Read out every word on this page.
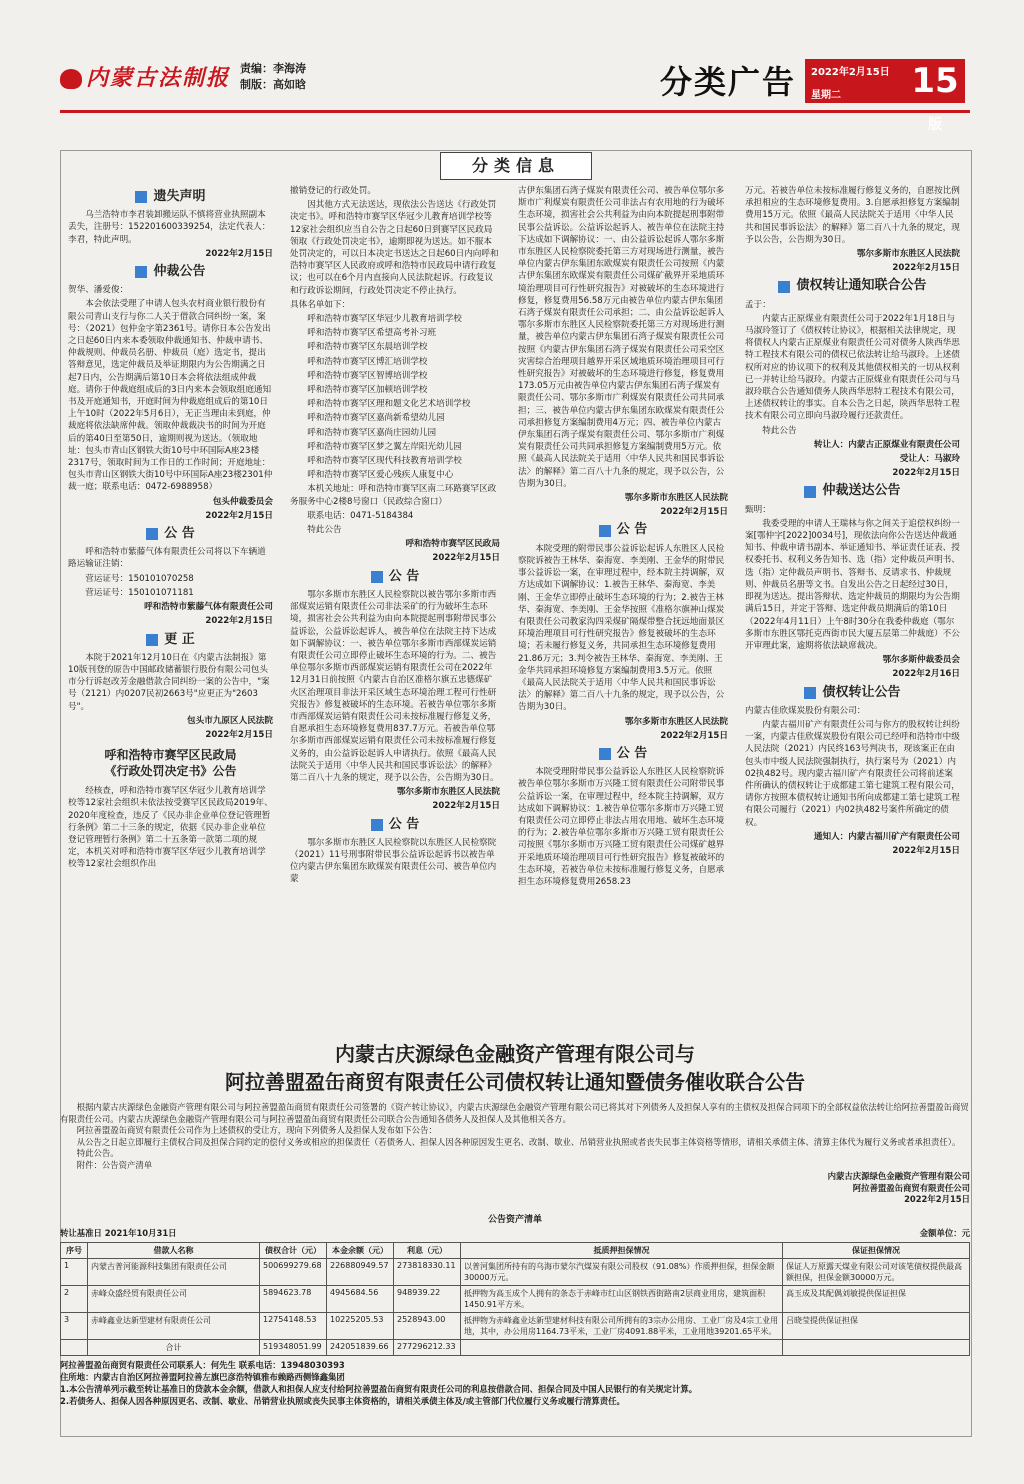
内蒙古法制报 责编：李海涛
制版：高如晗	分类广告	2022年2月15日
星期二	$15^版$
分类信息
遗失声明

乌兰浩特市李君装卸搬运队不慎将营业执照副本丢失，注册号：152201600339254，法定代表人：李君，特此声明。

2022年2月15日

仲裁公告

贺华、潘爱俊：

本会依法受理了申请人包头农村商业银行股份有限公司青山支行与你二人关于借款合同纠纷一案，案号：（2021）包仲金字第2361号。请你日本公告发出之日起60日内来本委领取仲裁通知书、仲裁申请书、仲裁规则、仲裁员名册、仲裁员（庭）选定书，提出答辩意见，选定仲裁员及举证期限内为公告期满之日起7日内，公告期满后第10日本会将依法组成仲裁庭。请你于仲裁庭组成后的3日内来本会领取组庭通知书及开庭通知书，开庭时间为仲裁庭组成后的第10日上午10时（2022年5月6日），无正当理由未到庭，仲裁庭将依法缺席仲裁。领取仲裁裁决书的时间为开庭后的第40日至第50日，逾期则视为送达。（领取地址：包头市青山区钢铁大街10号中环国际A座23楼2317号，领取时间为工作日的工作时间；开庭地址：包头市青山区钢铁大街10号中环国际A座23楼2301仲裁一庭；联系电话：0472-6988958）

包头仲裁委员会

2022年2月15日

公 告

呼和浩特市紫藤气体有限责任公司将以下车辆道路运输证注销：

营运证号：150101070258

营运证号：150101071181

呼和浩特市紫藤气体有限责任公司

2022年2月15日

更 正

本院于2021年12月10日在《内蒙古法制报》第10版刊登的原告中国邮政储蓄银行股份有限公司包头市分行诉赵改芳金融借款合同纠纷一案的公告中，"案号（2121）内0207民初2663号"应更正为"2603号"。

包头市九原区人民法院

2022年2月15日

呼和浩特市赛罕区民政局
《行政处罚决定书》公告

经核查，呼和浩特市赛罕区华冠少儿教育培训学校等12家社会组织未依法按受赛罕区民政局2019年、2020年度检查，违反了《民办非企业单位登记管理暂行条例》第二十三条的规定，依据《民办非企业单位登记管理暂行条例》第二十五条第一款第二项的规定，本机关对呼和浩特市赛罕区华冠少儿教育培训学校等12家社会组织作出

撤销登记的行政处罚。

因其他方式无法送达，现依法公告送达《行政处罚决定书》。呼和浩特市赛罕区华冠少儿教育培训学校等12家社会组织应当自公告之日起60日到赛罕区民政局领取《行政处罚决定书》，逾期即视为送达。如不服本处罚决定的，可以日本决定书送达之日起60日内向呼和浩特市赛罕区人民政府或呼和浩特市民政局申请行政复议；也可以在6个月内直接向人民法院起诉。行政复议和行政诉讼期间，行政处罚决定不停止执行。

具体名单如下：

呼和浩特市赛罕区华冠少儿教育培训学校

呼和浩特市赛罕区希望高考补习班

呼和浩特市赛罕区东晨培训学校

呼和浩特市赛罕区博汇培训学校

呼和浩特市赛罕区智博培训学校

呼和浩特市赛罕区加顿培训学校

呼和浩特市赛罕区理和题文化艺术培训学校

呼和浩特市赛罕区嘉尚新希望幼儿园

呼和浩特市赛罕区嘉尚庄园幼儿园

呼和浩特市赛罕区梦之翼左岸阳光幼儿园

呼和浩特市赛罕区现代科技教育培训学校

呼和浩特市赛罕区爱心残疾人康复中心

本机关地址：呼和浩特市赛罕区南二环路赛罕区政务服务中心2楼8号窗口（民政综合窗口）

联系电话：0471-5184384

特此公告

呼和浩特市赛罕区民政局

2022年2月15日

公 告

鄂尔多斯市东胜区人民检察院以被告鄂尔多斯市西部煤炭运销有限责任公司非法采矿的行为破坏生态环境，损害社会公共利益为由向本院提起刑事附带民事公益诉讼，公益诉讼起诉人，被告单位在法院主持下达成如下调解协议：一、被告单位鄂尔多斯市西部煤炭运销有限责任公司立即停止破坏生态环境的行为。二、被告单位鄂尔多斯市西部煤炭运销有限责任公司在2022年12月31日前按照《内蒙古自治区准格尔旗五忠德煤矿火区治理项目非法开采区域生态环境治理工程可行性研究报告》修复被破坏的生态环境。若被告单位鄂尔多斯市西部煤炭运销有限责任公司未按标准履行修复义务，自愿承担生态环境修复费用837.7万元。若被告单位鄂尔多斯市西部煤炭运销有限责任公司未按标准履行修复义务的，由公益诉讼起诉人申请执行。依照《最高人民法院关于适用〈中华人民共和国民事诉讼法〉的解释》第二百八十九条的规定，现予以公告，公告期为30日。

鄂尔多斯市东胜区人民法院

2022年2月15日

公 告

鄂尔多斯市东胜区人民检察院以东胜区人民检察院（2021）11号刑事附带民事公益诉讼起诉书以被告单位内蒙古伊东集团东欧煤炭有限责任公司、被告单位内蒙

古伊东集团石湾子煤炭有限责任公司、被告单位鄂尔多斯市广利煤炭有限责任公司非法占有农用地的行为破坏生态环境，损害社会公共利益为由向本院提起刑事附带民事公益诉讼。公益诉讼起诉人、被告单位在法院主持下达成如下调解协议：一、由公益诉讼起诉人鄂尔多斯市东胜区人民检察院委托第三方对现场进行测量，被告单位内蒙古伊东集团东欧煤炭有限责任公司按照《内蒙古伊东集团东欧煤炭有限责任公司煤矿截界开采地质环境治理项目可行性研究报告》对被破坏的生态环境进行修复，修复费用56.58万元由被告单位内蒙古伊东集团石湾子煤炭有限责任公司承担；二、由公益诉讼起诉人鄂尔多斯市东胜区人民检察院委托第三方对现场进行测量，被告单位内蒙古伊东集团石湾子煤炭有限责任公司按照《内蒙古伊东集团石湾子煤炭有限责任公司采空区灾害综合治理项目越界开采区域地质环境治理项目可行性研究报告》对被破坏的生态环境进行修复，修复费用173.05万元由被告单位内蒙古伊东集团石湾子煤炭有限责任公司、鄂尔多斯市广利煤炭有限责任公司共同承担；三、被告单位内蒙古伊东集团东欧煤炭有限责任公司承担修复方案编制费用4万元；四、被告单位内蒙古伊东集团石湾子煤炭有限责任公司、鄂尔多斯市广利煤炭有限责任公司共同承担修复方案编制费用5万元。依照《最高人民法院关于适用〈中华人民共和国民事诉讼法〉的解释》第二百八十九条的规定，现予以公告，公告期为30日。

鄂尔多斯市东胜区人民法院

2022年2月15日

公 告

本院受理的附带民事公益诉讼起诉人东胜区人民检察院诉被告王林华、秦海宽、李美刚、王金华的附带民事公益诉讼一案，在审理过程中，经本院主持调解，双方达成如下调解协议：1.被告王林华、秦海宽、李美刚、王金华立即停止破坏生态环境的行为；2.被告王林华、秦海宽、李美刚、王金华按照《准格尔旗神山煤炭有限责任公司教家沟四采煤矿隔煤带整合抚远地面景区环境治理项目可行性研究报告》修复被破坏的生态环境；若未履行修复义务，共同承担生态环境修复费用21.86万元；3.判令被告王林华、秦海宽、李美刚、王金华共同承担环境修复方案编制费用3.5万元。依照《最高人民法院关于适用〈中华人民共和国民事诉讼法〉的解释》第二百八十九条的规定，现予以公告，公告期为30日。

鄂尔多斯市东胜区人民法院

2022年2月15日

公 告

本院受理附带民事公益诉讼人东胜区人民检察院诉被告单位鄂尔多斯市万兴隆工贸有限责任公司附带民事公益诉讼一案，在审理过程中，经本院主持调解，双方达成如下调解协议：1.被告单位鄂尔多斯市万兴隆工贸有限责任公司立即停止非法占用农用地、破坏生态环境的行为；2.被告单位鄂尔多斯市万兴隆工贸有限责任公司按照《鄂尔多斯市万兴隆工贸有限责任公司煤矿越界开采地质环境治理项目可行性研究报告》修复被破坏的生态环境，若被告单位未按标准履行修复义务，自愿承担生态环境修复费用2658.23

万元。若被告单位未按标准履行修复义务的，自愿按比例承担相应的生态环境修复费用。3.自愿承担修复方案编制费用15万元。依照《最高人民法院关于适用〈中华人民共和国民事诉讼法〉的解释》第二百八十九条的规定，现予以公告，公告期为30日。

鄂尔多斯市东胜区人民法院

2022年2月15日

债权转让通知联合公告

孟于：

内蒙古正原煤业有限责任公司于2022年1月18日与马淑玲签订了《债权转让协议》，根据相关法律规定，现将债权人内蒙古正原煤业有限责任公司对债务人陕西华思特工程技术有限公司的债权已依法转让给马淑玲。上述债权所对应的协议项下的权利及其他债权相关的一切从权利已一并转让给马淑玲。内蒙古正原煤业有限责任公司与马淑玲联合公告通知债务人陕西华思特工程技术有限公司，上述债权转让的事实。自本公告之日起，陕西华思特工程技术有限公司立即向马淑玲履行还款责任。

特此公告

转让人：内蒙古正原煤业有限责任公司

受让人：马淑玲

2022年2月15日

仲裁送达公告

甄明：

我委受理的申请人王瑞林与你之间关于追偿权纠纷一案[鄂仲字[2022]0034号]，现依法向你公告送达仲裁通知书、仲裁申请书副本、举证通知书、举证责任证表、授权委托书、权利义务告知书、选（指）定仲裁员声明书、选（指）定仲裁员声明书、答辩书、反请求书、仲裁规则、仲裁员名册等文书。自发出公告之日起经过30日，即视为送达。提出答辩状、选定仲裁员的期限均为公告期满后15日，并定于答辩、选定仲裁员期满后的第10日（2022年4月11日）上午8时30分在我委仲裁庭（鄂尔多斯市东胜区鄂托克西街市民大厦五层第二仲裁庭）不公开审理此案，逾期将依法缺席裁决。

鄂尔多斯仲裁委员会

2022年2月16日

债权转让公告

内蒙古佳欣煤炭股份有限公司：

内蒙古福川矿产有限责任公司与你方的股权转让纠纷一案，内蒙古佳欣煤炭股份有限公司已经呼和浩特市中级人民法院（2021）内民终163号判决书，现该案正在由包头市中级人民法院强制执行，执行案号为（2021）内02执482号。现内蒙古福川矿产有限责任公司将前述案件所确认的债权转让于成都建工第七建筑工程有限公司，请你方按照本债权转让通知书所向成都建工第七建筑工程有限公司履行（2021）内02执482号案件所确定的债权。

通知人：内蒙古福川矿产有限责任公司

2022年2月15日

内蒙古庆源绿色金融资产管理有限公司与
阿拉善盟盈缶商贸有限责任公司债权转让通知暨债务催收联合公告

根据内蒙古庆源绿色金融资产管理有限公司与阿拉善盟盈缶商贸有限责任公司签署的《资产转让协议》，内蒙古庆源绿色金融资产管理有限公司已将其对下列债务人及担保人享有的主债权及担保合同项下的全部权益依法转让给阿拉善盟盈缶商贸有限责任公司。内蒙古庆源绿色金融资产管理有限公司与阿拉善盟盈缶商贸有限责任公司联合公告通知各债务人及担保人及其他相关各方。

阿拉善盟盈缶商贸有限责任公司作为上述债权的受让方，现向下列债务人及担保人发布如下公告：

从公告之日起立即履行主债权合同及担保合同约定的偿付义务或相应的担保责任（若债务人、担保人因各种原因发生更名、改制、歇业、吊销营业执照或者丧失民事主体资格等情形，请相关承债主体、清算主体代为履行义务或者承担责任）。

特此公告。

附件：公告资产清单

内蒙古庆源绿色金融资产管理有限公司

阿拉善盟盈缶商贸有限责任公司

2022年2月15日

公告资产清单
转让基准日 2021年10月31日	金额单位：元
序号	借款人名称	债权合计（元）	本金余额（元）	利息（元）	抵质押担保情况	保证担保情况
1	内蒙古普河能源科技集团有限责任公司	500699279.68	226880949.57	273818330.11	以普河集团所持有的乌海市蒙尔汽煤炭有限公司股权（91.08%）作质押担保，担保金额30000万元。	保证人万原露天煤业有限公司对该笔债权提供最高额担保，担保金额30000万元。
2	赤峰众盛经贸有限责任公司	5894623.78	4945684.56	948939.22	抵押物为高玉成个人拥有的条态于赤峰市红山区钢铁西街路南2层商业用房，建筑面积1450.91平方米。	高玉成及其配偶刘敏提供保证担保
3	赤峰鑫业达新型建材有限责任公司	12754148.53	10225205.53	2528943.00	抵押物为赤峰鑫业达新型建材科技有限公司所拥有的3宗办公用房、工业厂房及4宗工业用地，其中，办公用房1164.73平米，工业厂房4091.88平米，工业用地39201.65平米。	吕晓莹提供保证担保
	合计	519348051.99	242051839.66	277296212.33		
阿拉善盟盈缶商贸有限责任公司联系人：何先生 联系电话：13948030393
住所地：内蒙古自治区阿拉善盟阿拉善左旗巴彦浩特镇雅布赖路西侧锋鑫集团
1.本公告清单列示截至转让基准日的贷款本金余额，借款人和担保人应支付给阿拉善盟盈缶商贸有限责任公司的利息按借款合同、担保合同及中国人民银行的有关规定计算。
2.若债务人、担保人因各种原因更名、改制、歇业、吊销营业执照或丧失民事主体资格的，请相关承债主体及/或主管部门代位履行义务或履行清算责任。
